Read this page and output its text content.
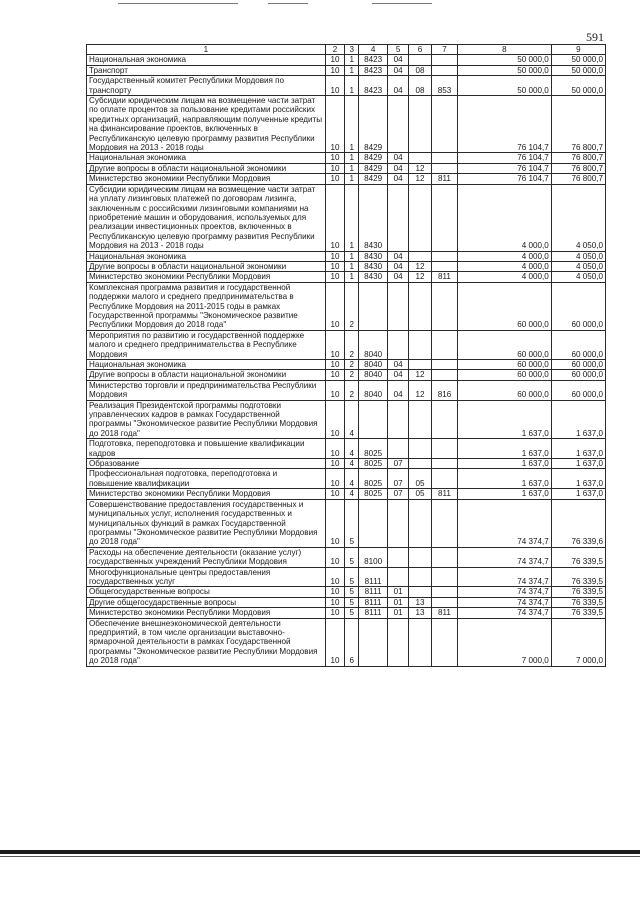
591
1	2	3	4	5	6	7	8	9
Национальная экономика	10	1	8423	04			50 000,0	50 000,0
Транспорт	10	1	8423	04	08		50 000,0	50 000,0
Государственный комитет Республики Мордовия по транспорту	10	1	8423	04	08	853	50 000,0	50 000,0
Субсидии юридическим лицам на возмещение части затрат по оплате процентов за пользование кредитами российских кредитных организаций, направляющим полученные кредиты на финансирование проектов, включенных в Республиканскую целевую программу развития Республики Мордовия на 2013 - 2018 годы	10	1	8429				76 104,7	76 800,7
Национальная экономика	10	1	8429	04			76 104,7	76 800,7
Другие вопросы в области национальной экономики	10	1	8429	04	12		76 104,7	76 800,7
Министерство экономики Республики Мордовия	10	1	8429	04	12	811	76 104,7	76 800,7
Субсидии юридическим лицам на возмещение части затрат на уплату лизинговых платежей по договорам лизинга, заключенным с российскими лизинговыми компаниями на приобретение машин и оборудования, используемых для реализации инвестиционных проектов, включенных в Республиканскую целевую программу развития Республики Мордовия на 2013 - 2018 годы	10	1	8430				4 000,0	4 050,0
Национальная экономика	10	1	8430	04			4 000,0	4 050,0
Другие вопросы в области национальной экономики	10	1	8430	04	12		4 000,0	4 050,0
Министерство экономики Республики Мордовия	10	1	8430	04	12	811	4 000,0	4 050,0
Комплексная программа развития и государственной поддержки малого и среднего предпринимательства в Республике Мордовия на 2011-2015 годы в рамках Государственной программы "Экономическое развитие Республики Мордовия до 2018 года"	10	2					60 000,0	60 000,0
Мероприятия по развитию и государственной поддержке малого и среднего предпринимательства в Республике Мордовия	10	2	8040				60 000,0	60 000,0
Национальная экономика	10	2	8040	04			60 000,0	60 000,0
Другие вопросы в области национальной экономики	10	2	8040	04	12		60 000,0	60 000,0
Министерство торговли и предпринимательства Республики Мордовия	10	2	8040	04	12	816	60 000,0	60 000,0
Реализация Президентской программы подготовки управленческих кадров в рамках Государственной программы "Экономическое развитие Республики Мордовия до 2018 года"	10	4					1 637,0	1 637,0
Подготовка, переподготовка и повышение квалификации кадров	10	4	8025				1 637,0	1 637,0
Образование	10	4	8025	07			1 637,0	1 637,0
Профессиональная подготовка, переподготовка и повышение квалификации	10	4	8025	07	05		1 637,0	1 637,0
Министерство экономики Республики Мордовия	10	4	8025	07	05	811	1 637,0	1 637,0
Совершенствование предоставления государственных и муниципальных услуг, исполнения государственных и муниципальных функций в рамках Государственной программы "Экономическое развитие Республики Мордовия до 2018 года"	10	5					74 374,7	76 339,6
Расходы на обеспечение деятельности (оказание услуг) государственных учреждений Республики Мордовия	10	5	8100				74 374,7	76 339,5
Многофункциональные центры предоставления государственных услуг	10	5	8111				74 374,7	76 339,5
Общегосударственные вопросы	10	5	8111	01			74 374,7	76 339,5
Другие общегосударственные вопросы	10	5	8111	01	13		74 374,7	76 339,5
Министерство экономики Республики Мордовия	10	5	8111	01	13	811	74 374,7	76 339,5
Обеспечение внешнеэкономической деятельности предприятий, в том числе организации выставочно-ярмарочной деятельности в рамках Государственной программы "Экономическое развитие Республики Мордовия до 2018 года"	10	6					7 000,0	7 000,0
